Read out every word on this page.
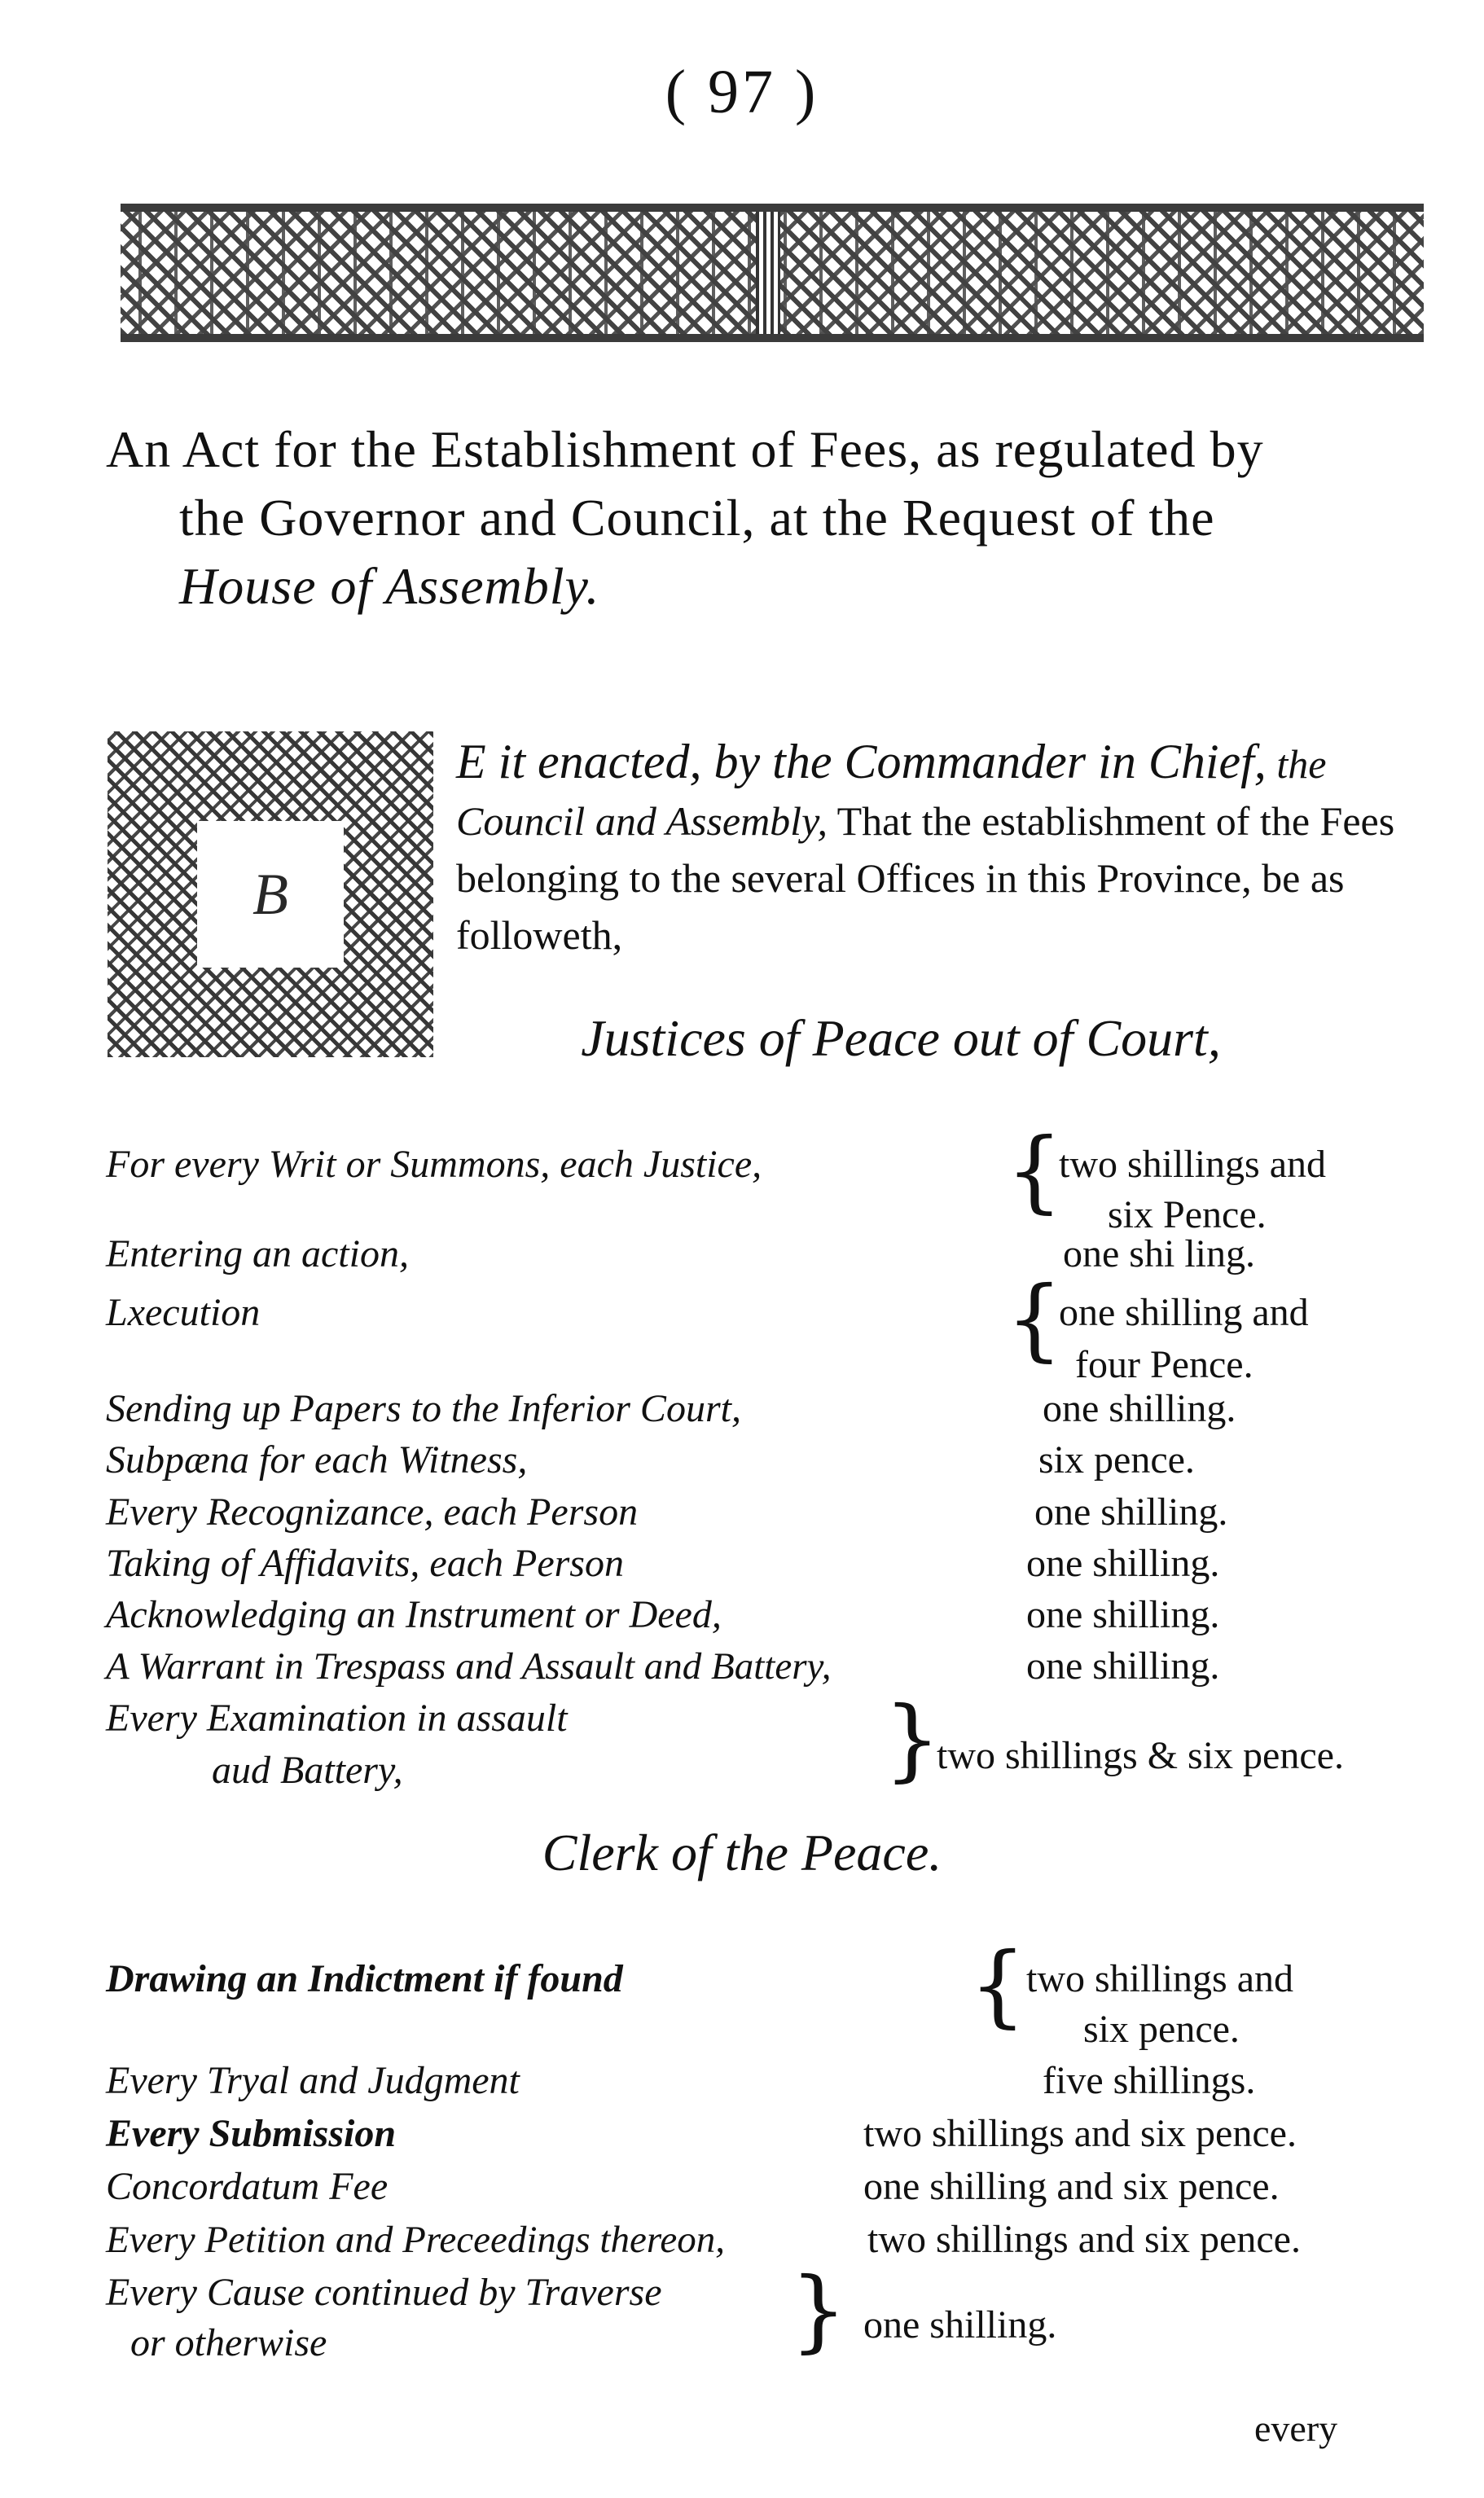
( 97 )
An Act for the Establishment of Fees, as regulated by
the Governor and Council, at the Request of the
House of Assembly.
B
E it enacted, by the Commander in Chief, the Council and Assembly, That the establishment of the Fees belonging to the several Offices in this Province, be as followeth,
Justices of Peace out of Court,
For every Writ or Summons, each Justice,	{
two shillings and
six Pence.
Entering an action,	one shi ling.
Lxecution	{
one shilling and
four Pence.
Sending up Papers to the Inferior Court,	one shilling.
Subpæna for each Witness,	six pence.
Every Recognizance, each Person	one shilling.
Taking of Affidavits, each Person	one shilling.
Acknowledging an Instrument or Deed,	one shilling.
A Warrant in Trespass and Assault and Battery,	one shilling.
Every Examination in assault
aud Battery,	}
two shillings & six pence.
Clerk of the Peace.
Drawing an Indictment if found	{ two shillings and
six pence.
Every Tryal and Judgment	five shillings.
Every Submission	two shillings and six pence.
Concordatum Fee	one shilling and six pence.
Every Petition and Preceedings thereon,	two shillings and six pence.
Every Cause continued by Traverse
or otherwise	} one shilling.
every
